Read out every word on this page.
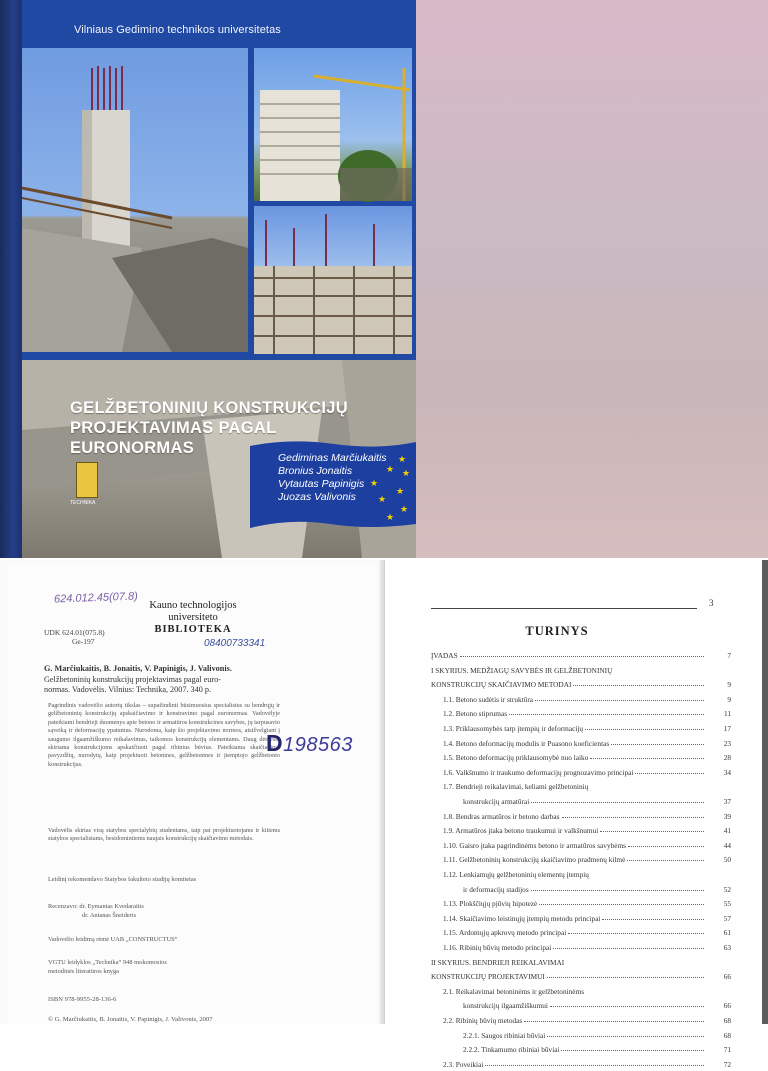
Vilniaus Gedimino technikos universitetas
GELŽBETONINIŲ KONSTRUKCIJŲ
PROJEKTAVIMAS PAGAL
EURONORMAS
★
★ ★
★
★
★
★
★
Gediminas Marčiukaitis
Bronius Jonaitis
Vytautas Papinigis
Juozas Valivonis
TECHNIKA
624.012.45(07.8)
Kauno technologijos
universiteto
BIBLIOTEKA
08400733341
UDK 624.01(075.8)
Ge-197
G. Marčiukaitis, B. Jonaitis, V. Papinigis, J. Valivonis.
Gelžbetoninių konstrukcijų projektavimas pagal euro-
normas. Vadovėlis. Vilnius: Technika, 2007. 340 p.
Pagrindinis vadovėlio autorių tikslas – supažindinti būsimuosius specialistus su bendrųjų ir gelžbetoninių konstrukcijų apskaičiavimo ir konstravimo pagal euronormas. Vadovėlyje pateikiami bendrieji duomenys apie betono ir armatūros konstrukcines savybes, jų tarpusavio sąveiką ir deformacijų ypatumus. Nurodoma, kaip šio projektavimo normos, atsižvelgiant į saugumo ilgaamžiškumo reikalavimus, taikomos konstrukcijų elementams. Daug dėmesio skiriama konstrukcijoms apskaičiuoti pagal ribinius būvius. Pateikiama skaičiavimo pavyzdžių, nurodytų, kaip projektuoti betonines, gelžbetonines ir įtemptojo gelžbetonio konstrukcijas.
Vadovėlis skirtas visų statybos specialybių studentams, taip pat projektuotojams ir kitiems statybos specialistams, besidomintiems naujais konstrukcijų skaičiavimo metodais.
Leidinį rekomendavo Statybos fakulteto studijų komitetas
Recenzavo: dr. Eymantas Kvedaraitis
dr. Antanas Šneideris
Vadovėlio leidimą rėmė UAB „CONSTRUCTUS“
VGTU leidyklos „Technika“ 948 mokomosios
metodinės literatūros knyga
ISBN 978-9955-28-136-6
© G. Marčiukaitis, B. Jonaitis, V. Papinigis, J. Valivonis, 2007
D198563
3
TURINYS
ĮVADAS	7
I SKYRIUS. MEDŽIAGŲ SAVYBĖS IR GELŽBETONINIŲ
KONSTRUKCIJŲ SKAIČIAVIMO METODAI	9
1.1. Betono sudėtis ir struktūra	9
1.2. Betono stiprumas	11
1.3. Priklausomybės tarp įtempių ir deformacijų	17
1.4. Betono deformacijų modulis ir Puasono koeficientas	23
1.5. Betono deformacijų priklausomybė nuo laiko	28
1.6. Valkšnumo ir traukumo deformacijų prognozavimo principai	34
1.7. Bendrieji reikalavimai, keliami gelžbetoninių
konstrukcijų armatūrai	37
1.8. Bendras armatūros ir betono darbas	39
1.9. Armatūros įtaka betono traukumui ir valkšnumui	41
1.10. Gaisro įtaka pagrindinėms betono ir armatūros savybėms	44
1.11. Gelžbetoninių konstrukcijų skaičiavimo pradmenų kilmė	50
1.12. Lenkiamųjų gelžbetoninių elementų įtempių
ir deformacijų stadijos	52
1.13. Plokščiųjų pjūvių hipotezė	55
1.14. Skaičiavimo leistinųjų įtempių metodu principai	57
1.15. Ardomųjų apkrovų metodo principai	61
1.16. Ribinių būvių metodo principai	63
II SKYRIUS. BENDRIEJI REIKALAVIMAI
KONSTRUKCIJŲ PROJEKTAVIMUI	66
2.1. Reikalavimai betoninėms ir gelžbetoninėms
konstrukcijų ilgaamžiškumui	66
2.2. Ribinių būvių metodas	68
2.2.1. Saugos ribiniai būviai	68
2.2.2. Tinkamumo ribiniai būviai	71
2.3. Poveikiai	72
